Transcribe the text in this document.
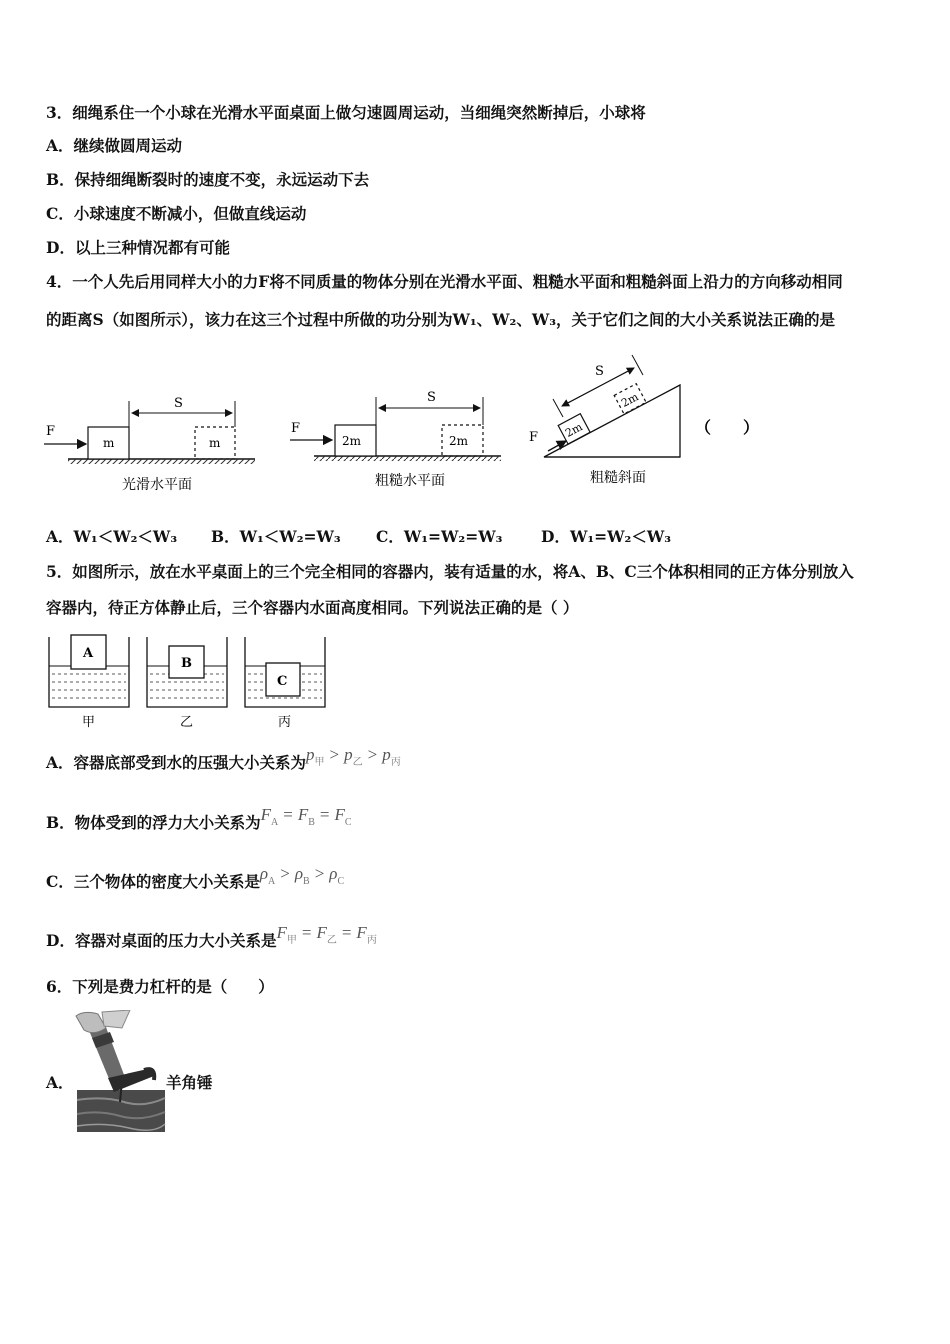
3．细绳系住一个小球在光滑水平面桌面上做匀速圆周运动，当细绳突然断掉后，小球将
A．继续做圆周运动
B．保持细绳断裂时的速度不变，永远运动下去
C．小球速度不断减小，但做直线运动
D．以上三种情况都有可能
4．一个人先后用同样大小的力F将不同质量的物体分别在光滑水平面、粗糙水平面和粗糙斜面上沿力的方向移动相同
的距离S（如图所示），该力在这三个过程中所做的功分别为W₁、W₂、W₃，关于它们之间的大小关系说法正确的是
F
m
S
m
光滑水平面
F
2m
S
2m
粗糙水平面
2m
2m
F
S
粗糙斜面
（　　）
A．W₁＜W₂＜W₃ B．W₁＜W₂=W₃ C．W₁=W₂=W₃ D．W₁=W₂＜W₃
5．如图所示，放在水平桌面上的三个完全相同的容器内，装有适量的水，将A、B、C三个体积相同的正方体分别放入
容器内，待正方体静止后，三个容器内水面高度相同。下列说法正确的是（ ）
A
甲
B
乙
C
丙
A．容器底部受到水的压强大小关系为$p_甲 > p_乙 > p_丙$
B．物体受到的浮力大小关系为$F_A = F_B = F_C$
C．三个物体的密度大小关系是$\rho_A > \rho_B > \rho_C$
D．容器对桌面的压力大小关系是$F_甲 = F_乙 = F_丙$
6．下列是费力杠杆的是（　　）
A．	羊角锤
